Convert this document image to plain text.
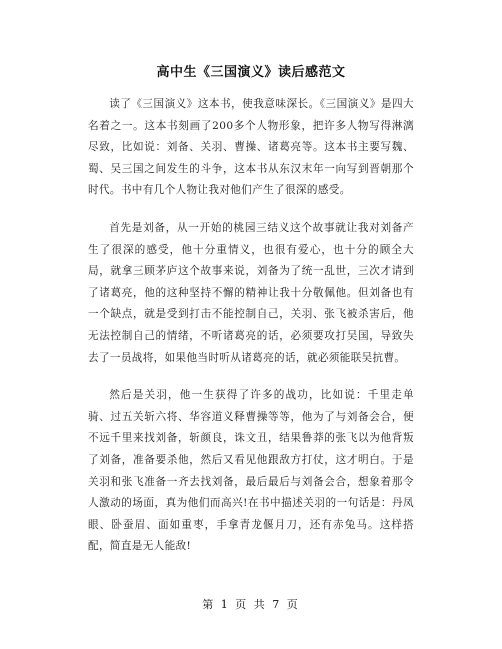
高中生《三国演义》读后感范文

读了《三国演义》这本书，使我意味深长。《三国演义》是四大名着之一。这本书刻画了200多个人物形象，把许多人物写得淋漓尽致，比如说：刘备、关羽、曹操、诸葛亮等。这本书主要写魏、蜀、吴三国之间发生的斗争，这本书从东汉末年一向写到晋朝那个时代。书中有几个人物让我对他们产生了很深的感受。

首先是刘备，从一开始的桃园三结义这个故事就让我对刘备产生了很深的感受，他十分重情义，也很有爱心，也十分的顾全大局，就拿三顾茅庐这个故事来说，刘备为了统一乱世，三次才请到了诸葛亮，他的这种坚持不懈的精神让我十分敬佩他。但刘备也有一个缺点，就是受到打击不能控制自己，关羽、张飞被杀害后，他无法控制自己的情绪，不听诸葛亮的话，必须要攻打吴国，导致失去了一员战将，如果他当时听从诸葛亮的话，就必须能联吴抗曹。

然后是关羽，他一生获得了许多的战功，比如说：千里走单骑、过五关斩六将、华容道义释曹操等等，他为了与刘备会合，便不远千里来找刘备，斩颜良，诛文丑，结果鲁莽的张飞以为他背叛了刘备，准备要杀他，然后又看见他跟敌方打仗，这才明白。于是关羽和张飞准备一齐去找刘备，最后最后与刘备会合，想象着那令人激动的场面，真为他们而高兴!在书中描述关羽的一句话是：丹凤眼、卧蚕眉、面如重枣，手拿青龙偃月刀，还有赤兔马。这样搭配，简直是无人能敌!

第 1 页 共 7 页
